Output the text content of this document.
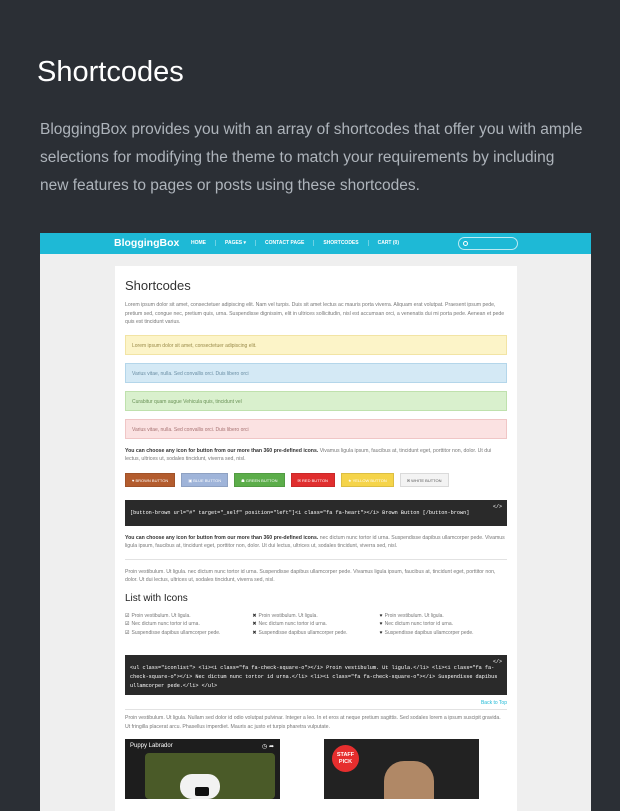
Shortcodes
BloggingBox provides you with an array of shortcodes that offer you with ample selections for modifying the theme to match your requirements by including new features to pages or posts using these shortcodes.
BloggingBox	HOME	PAGES ▾	CONTACT PAGE	SHORTCODES	CART (0)
Shortcodes
Lorem ipsum dolor sit amet, consectetuer adipiscing elit. Nam vel turpis. Duis sit amet lectus ac mauris porta viverra. Aliquam erat volutpat. Praesent ipsum pede, pretium sed, congue nec, pretium quis, urna. Suspendisse dignissim, elit in ultrices sollicitudin, nisl est accumsan orci, a venenatis dui mi porta pede. Aenean et pede quis est tincidunt varius.
Lorem ipsum dolor sit amet, consectetuer adipiscing elit.
Varius vitae, nulla. Sed convallis orci. Duis libero orci
Curabitur quam augue Vehicula quis, tincidunt vel
Varius vitae, nulla. Sed convallis orci. Duis libero orci
You can choose any icon for button from our more than 360 pre-defined icons. Vivamus ligula ipsum, faucibus at, tincidunt eget, porttitor non, dolor. Ut dui lectus, ultrices ut, sodales tincidunt, viverra sed, nisl.
♥ BROWN BUTTON	▣ BLUE BUTTON	☗ GREEN BUTTON	✉ RED BUTTON	★ YELLOW BUTTON	✉ WHITE BUTTON
</>
[button-brown url="#" target="_self" position="left"]<i class="fa fa-heart"></i> Brown Button [/button-brown]
You can choose any icon for button from our more than 360 pre-defined icons. nec dictum nunc tortor id urna. Suspendisse dapibus ullamcorper pede. Vivamus ligula ipsum, faucibus at, tincidunt eget, porttitor non, dolor. Ut dui lectus, ultrices ut, sodales tincidunt, viverra sed, nisl.
Proin vestibulum. Ut ligula. nec dictum nunc tortor id urna. Suspendisse dapibus ullamcorper pede. Vivamus ligula ipsum, faucibus at, tincidunt eget, porttitor non, dolor. Ut dui lectus, ultrices ut, sodales tincidunt, viverra sed, nisl.
List with Icons
☑ Proin vestibulum. Ut ligula.
☑ Nec dictum nunc tortor id urna.
☑ Suspendisse dapibus ullamcorper pede.
✖ Proin vestibulum. Ut ligula.
✖ Nec dictum nunc tortor id urna.
✖ Suspendisse dapibus ullamcorper pede.
♥ Proin vestibulum. Ut ligula.
♥ Nec dictum nunc tortor id urna.
♥ Suspendisse dapibus ullamcorper pede.
</>
<ul class="iconlist"> <li><i class="fa fa-check-square-o"></i> Proin vestibulum. Ut ligula.</li> <li><i class="fa fa-check-square-o"></i> Nec dictum nunc tortor id urna.</li> <li><i class="fa fa-check-square-o"></i> Suspendisse dapibus ullamcorper pede.</li> </ul>
Back to Top
Proin vestibulum. Ut ligula. Nullam sed dolor id odio volutpat pulvinar. Integer a leo. In et eros at neque pretium sagittis. Sed sodales lorem a ipsum suscipit gravida. Ut fringilla placerat arcu. Phasellus imperdiet. Mauris ac justo et turpis pharetra vulputate.
Puppy Labrador	◷ ➦
STAFF PICK
